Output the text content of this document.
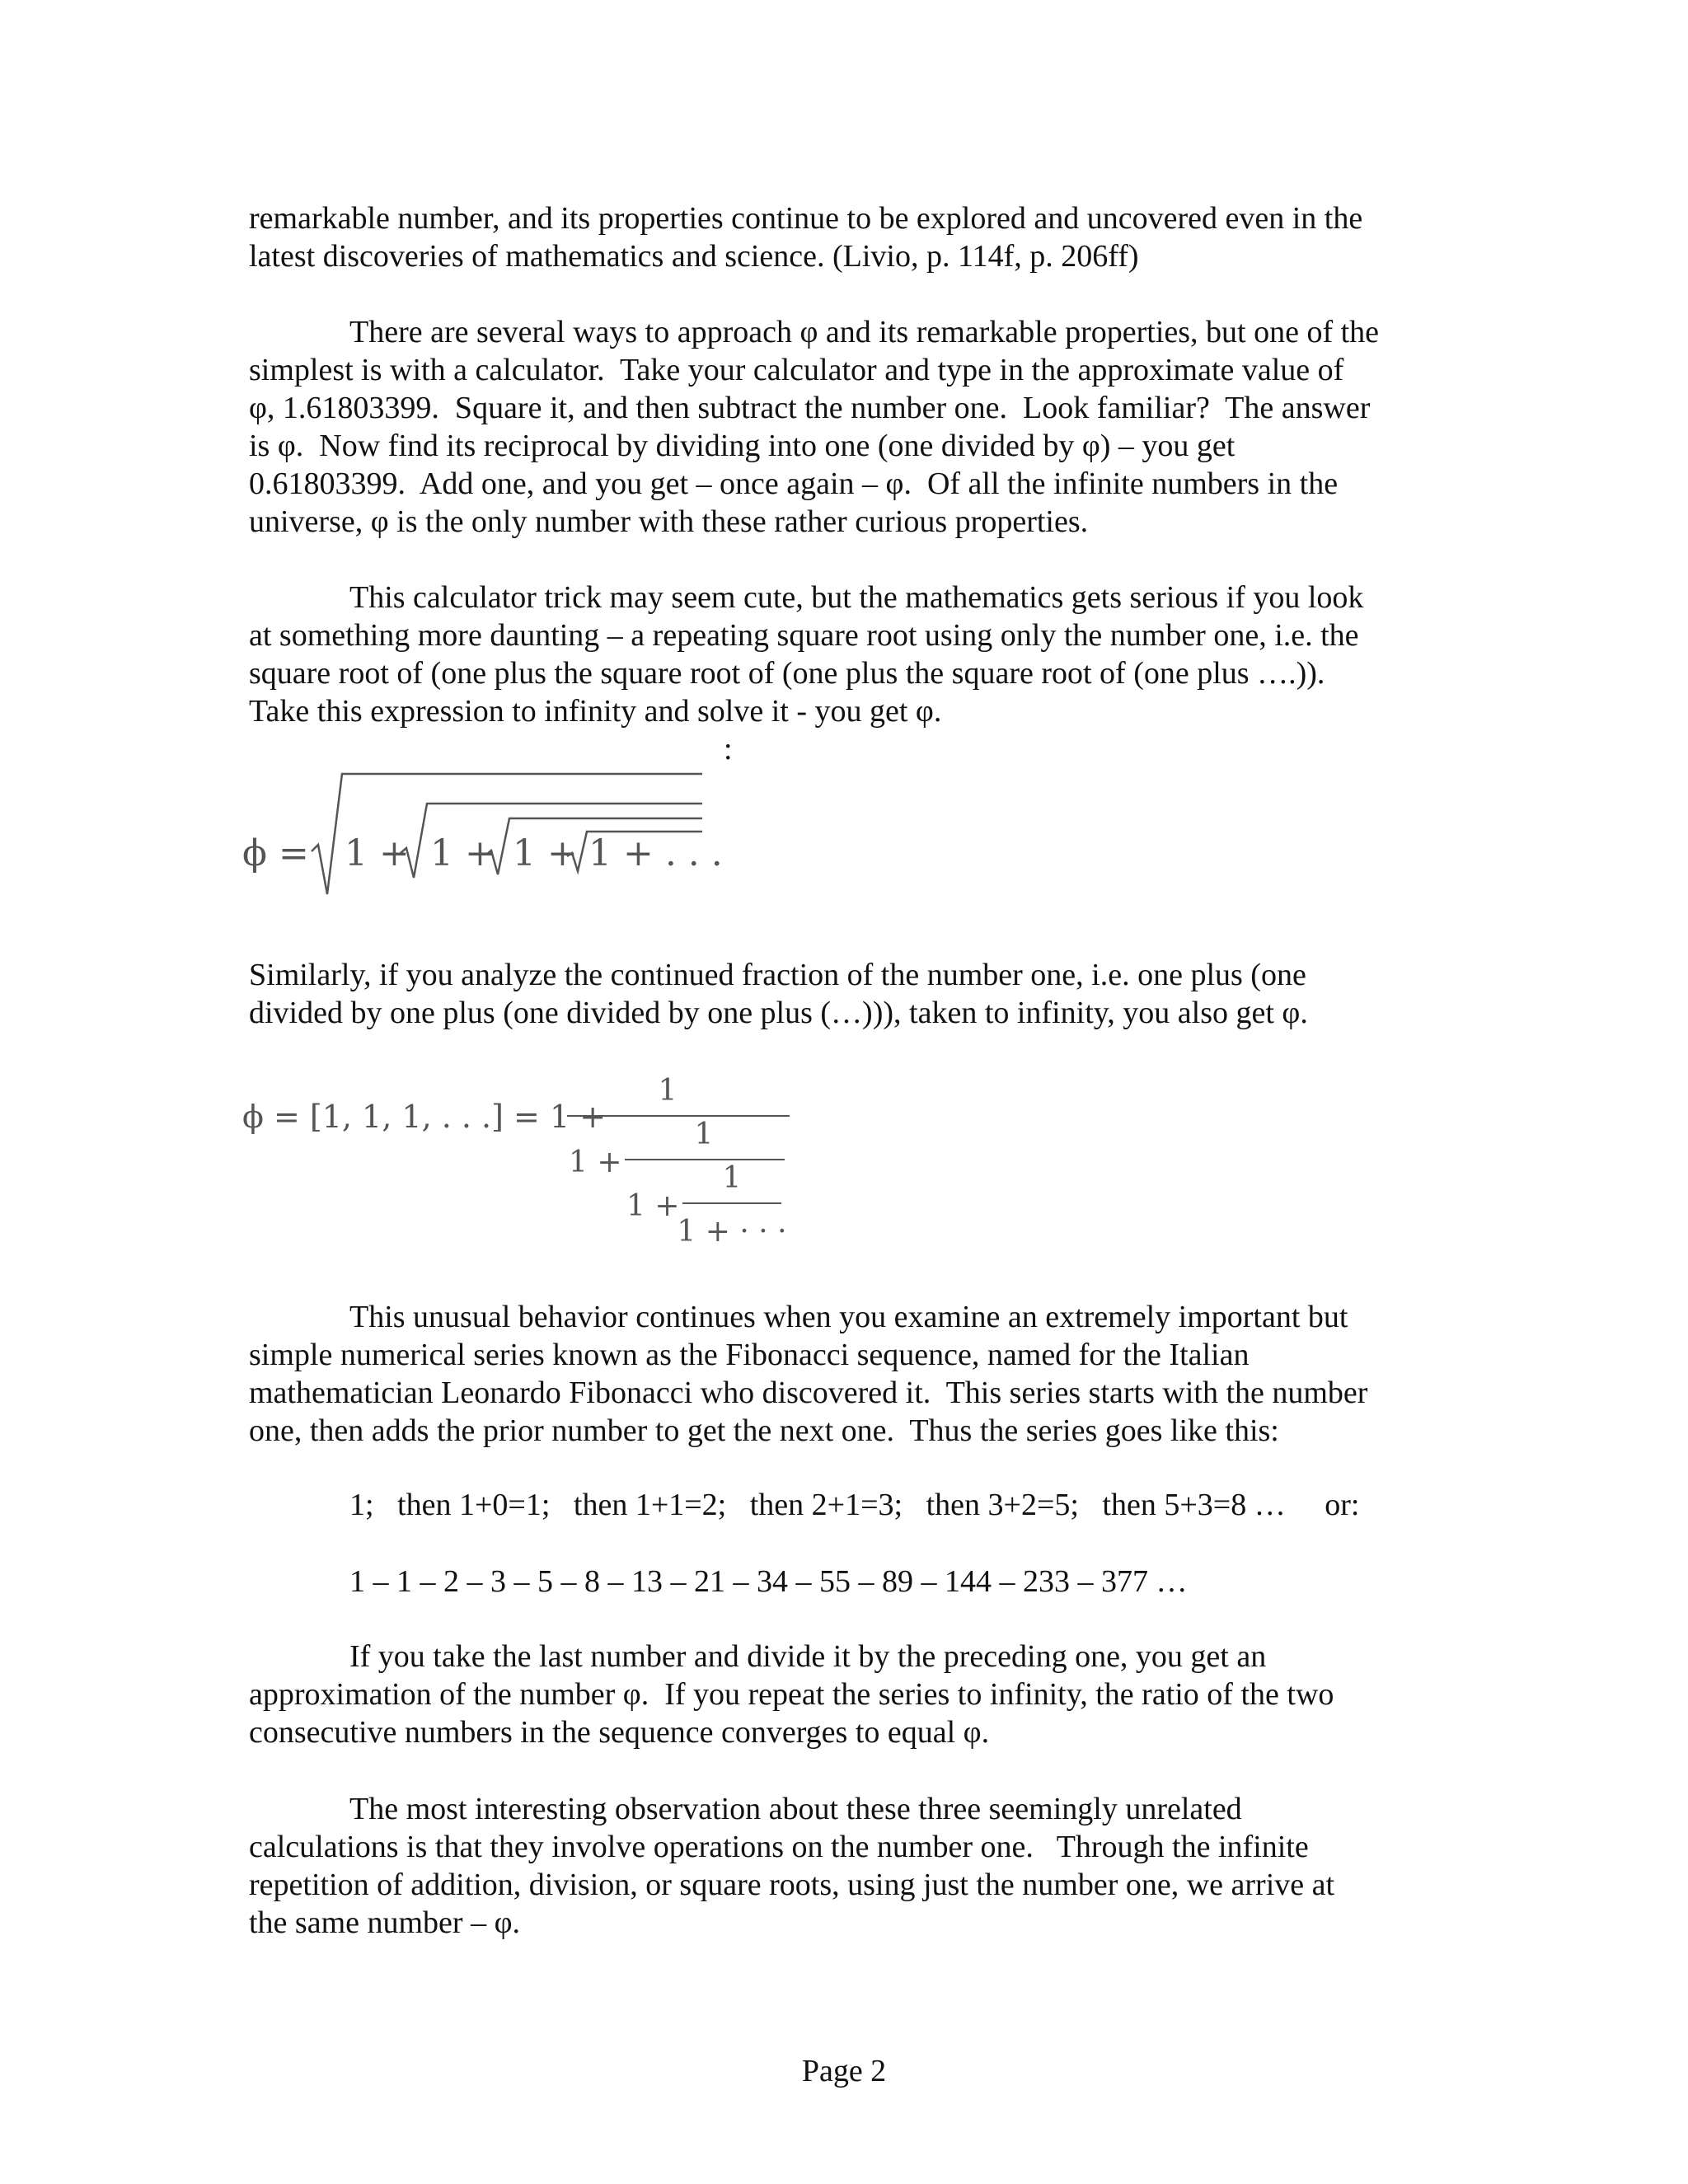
remarkable number, and its properties continue to be explored and uncovered even in the
latest discoveries of mathematics and science. (Livio, p. 114f, p. 206ff)

There are several ways to approach φ and its remarkable properties, but one of the
simplest is with a calculator.  Take your calculator and type in the approximate value of
φ, 1.61803399.  Square it, and then subtract the number one.  Look familiar?  The answer
is φ.  Now find its reciprocal by dividing into one (one divided by φ) – you get
0.61803399.  Add one, and you get – once again – φ.  Of all the infinite numbers in the
universe, φ is the only number with these rather curious properties.

This calculator trick may seem cute, but the mathematics gets serious if you look
at something more daunting – a repeating square root using only the number one, i.e. the
square root of (one plus the square root of (one plus the square root of (one plus ….)).
Take this expression to infinity and solve it - you get φ.

:
ϕ = 1 + 1 + 1 + 1 + . . .

Similarly, if you analyze the continued fraction of the number one, i.e. one plus (one
divided by one plus (one divided by one plus (…))), taken to infinity, you also get φ.

ϕ = [1, 1, 1, . . .] = 1 +
1
1 +
1
1 +
1
1 + · · ·

This unusual behavior continues when you examine an extremely important but
simple numerical series known as the Fibonacci sequence, named for the Italian
mathematician Leonardo Fibonacci who discovered it.  This series starts with the number
one, then adds the prior number to get the next one.  Thus the series goes like this:

1;   then 1+0=1;   then 1+1=2;   then 2+1=3;   then 3+2=5;   then 5+3=8 …     or:
1 – 1 – 2 – 3 – 5 – 8 – 13 – 21 – 34 – 55 – 89 – 144 – 233 – 377 …

If you take the last number and divide it by the preceding one, you get an
approximation of the number φ.  If you repeat the series to infinity, the ratio of the two
consecutive numbers in the sequence converges to equal φ.

The most interesting observation about these three seemingly unrelated
calculations is that they involve operations on the number one.   Through the infinite
repetition of addition, division, or square roots, using just the number one, we arrive at
the same number – φ.

Page 2
